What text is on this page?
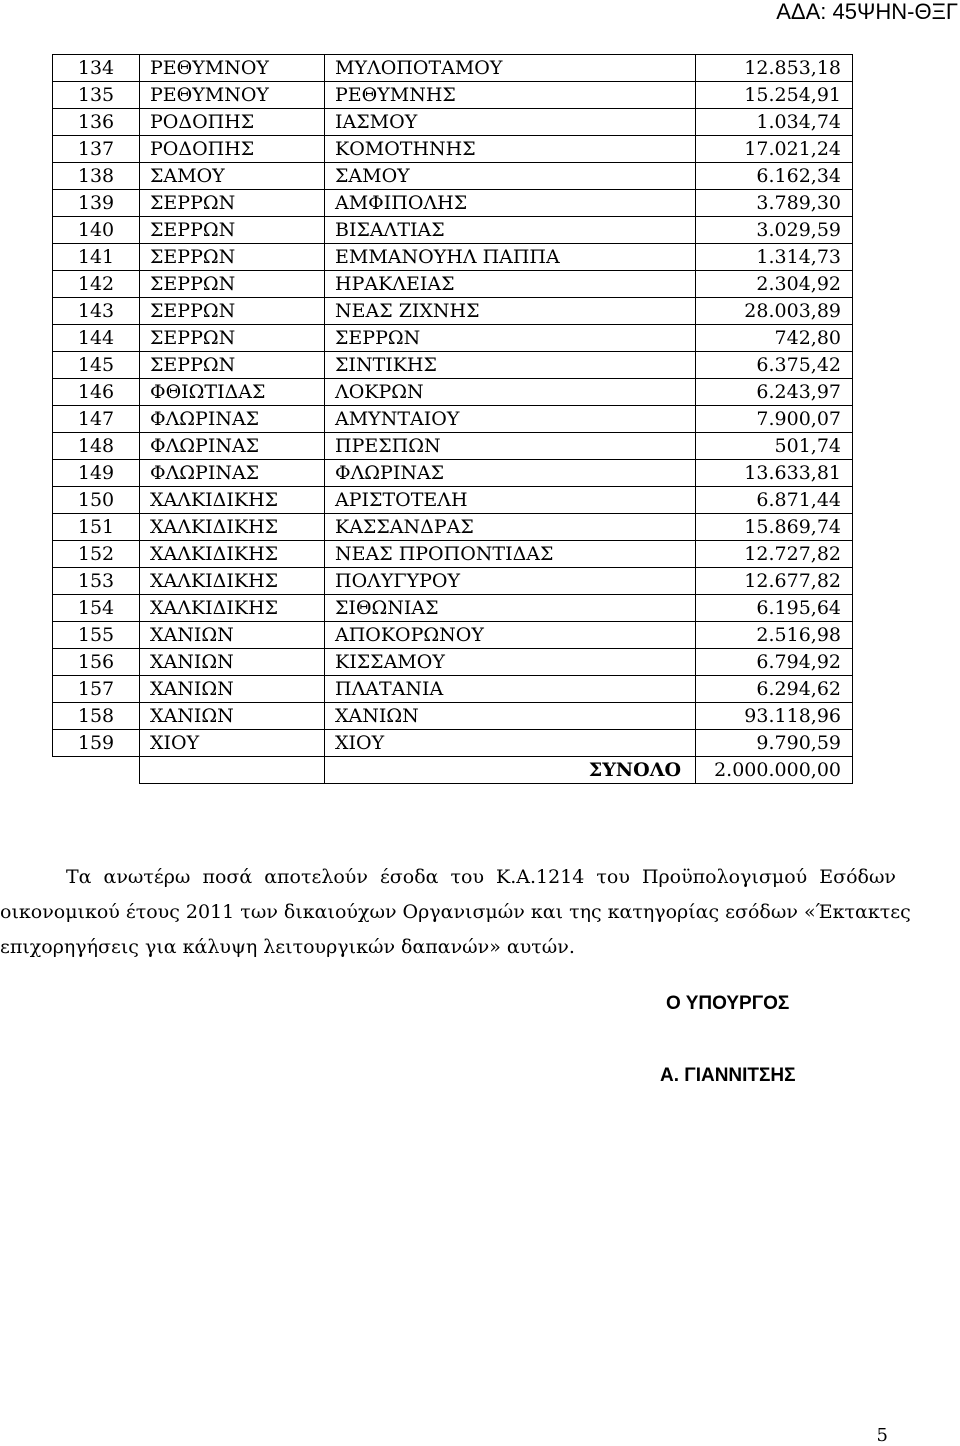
ΑΔΑ: 45ΨΗΝ-ΘΞΓ
134	ΡΕΘΥΜΝΟΥ	ΜΥΛΟΠΟΤΑΜΟΥ	12.853,18
135	ΡΕΘΥΜΝΟΥ	ΡΕΘΥΜΝΗΣ	15.254,91
136	ΡΟΔΟΠΗΣ	ΙΑΣΜΟΥ	1.034,74
137	ΡΟΔΟΠΗΣ	ΚΟΜΟΤΗΝΗΣ	17.021,24
138	ΣΑΜΟΥ	ΣΑΜΟΥ	6.162,34
139	ΣΕΡΡΩΝ	ΑΜΦΙΠΟΛΗΣ	3.789,30
140	ΣΕΡΡΩΝ	ΒΙΣΑΛΤΙΑΣ	3.029,59
141	ΣΕΡΡΩΝ	ΕΜΜΑΝΟΥΗΛ ΠΑΠΠΑ	1.314,73
142	ΣΕΡΡΩΝ	ΗΡΑΚΛΕΙΑΣ	2.304,92
143	ΣΕΡΡΩΝ	ΝΕΑΣ ΖΙΧΝΗΣ	28.003,89
144	ΣΕΡΡΩΝ	ΣΕΡΡΩΝ	742,80
145	ΣΕΡΡΩΝ	ΣΙΝΤΙΚΗΣ	6.375,42
146	ΦΘΙΩΤΙΔΑΣ	ΛΟΚΡΩΝ	6.243,97
147	ΦΛΩΡΙΝΑΣ	ΑΜΥΝΤΑΙΟΥ	7.900,07
148	ΦΛΩΡΙΝΑΣ	ΠΡΕΣΠΩΝ	501,74
149	ΦΛΩΡΙΝΑΣ	ΦΛΩΡΙΝΑΣ	13.633,81
150	ΧΑΛΚΙΔΙΚΗΣ	ΑΡΙΣΤΟΤΕΛΗ	6.871,44
151	ΧΑΛΚΙΔΙΚΗΣ	ΚΑΣΣΑΝΔΡΑΣ	15.869,74
152	ΧΑΛΚΙΔΙΚΗΣ	ΝΕΑΣ ΠΡΟΠΟΝΤΙΔΑΣ	12.727,82
153	ΧΑΛΚΙΔΙΚΗΣ	ΠΟΛΥΓΥΡΟΥ	12.677,82
154	ΧΑΛΚΙΔΙΚΗΣ	ΣΙΘΩΝΙΑΣ	6.195,64
155	ΧΑΝΙΩΝ	ΑΠΟΚΟΡΩΝΟΥ	2.516,98
156	ΧΑΝΙΩΝ	ΚΙΣΣΑΜΟΥ	6.794,92
157	ΧΑΝΙΩΝ	ΠΛΑΤΑΝΙΑ	6.294,62
158	ΧΑΝΙΩΝ	ΧΑΝΙΩΝ	93.118,96
159	ΧΙΟΥ	ΧΙΟΥ	9.790,59
		ΣΥΝΟΛΟ	2.000.000,00
Τα ανωτέρω ποσά αποτελούν έσοδα του Κ.Α.1214 του Προϋπολογισμού Εσόδων
οικονομικού έτους 2011 των δικαιούχων Οργανισμών και της κατηγορίας εσόδων «Έκτακτες
επιχορηγήσεις για κάλυψη λειτουργικών δαπανών» αυτών.
Ο ΥΠΟΥΡΓΟΣ
Α. ΓΙΑΝΝΙΤΣΗΣ
5
